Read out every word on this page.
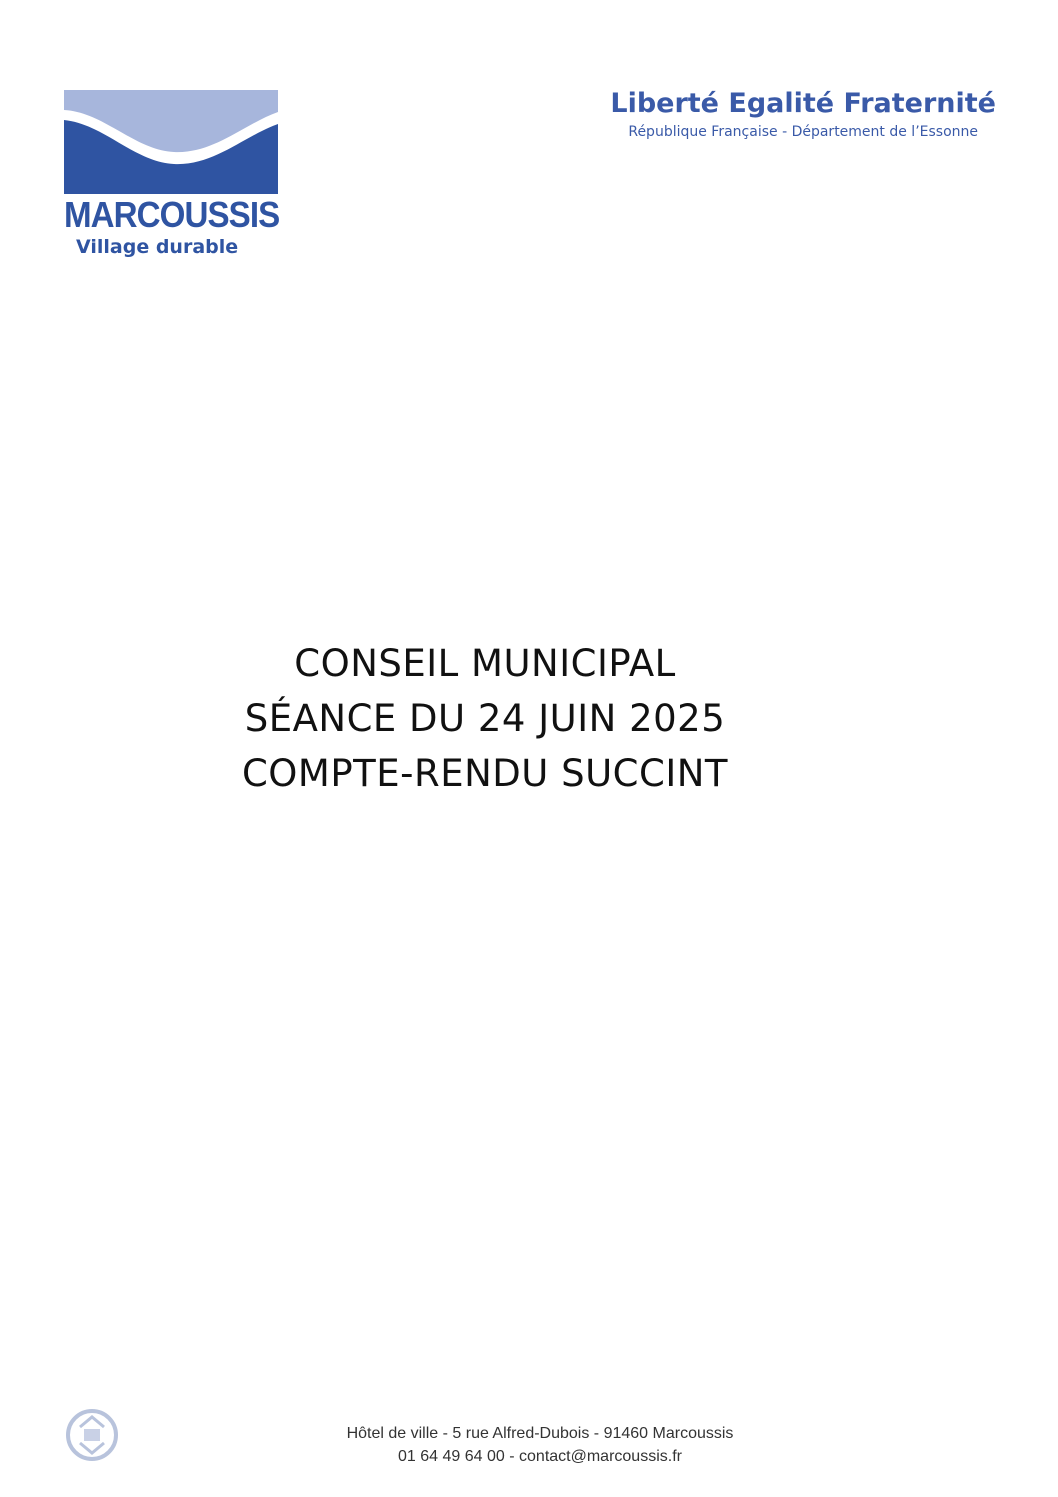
MARCOUSSIS
Village durable
Liberté Egalité Fraternité
République Française - Département de l’Essonne
CONSEIL MUNICIPAL
SÉANCE DU 24 JUIN 2025
COMPTE-RENDU SUCCINT
Hôtel de ville - 5 rue Alfred-Dubois - 91460 Marcoussis
01 64 49 64 00 - contact@marcoussis.fr
